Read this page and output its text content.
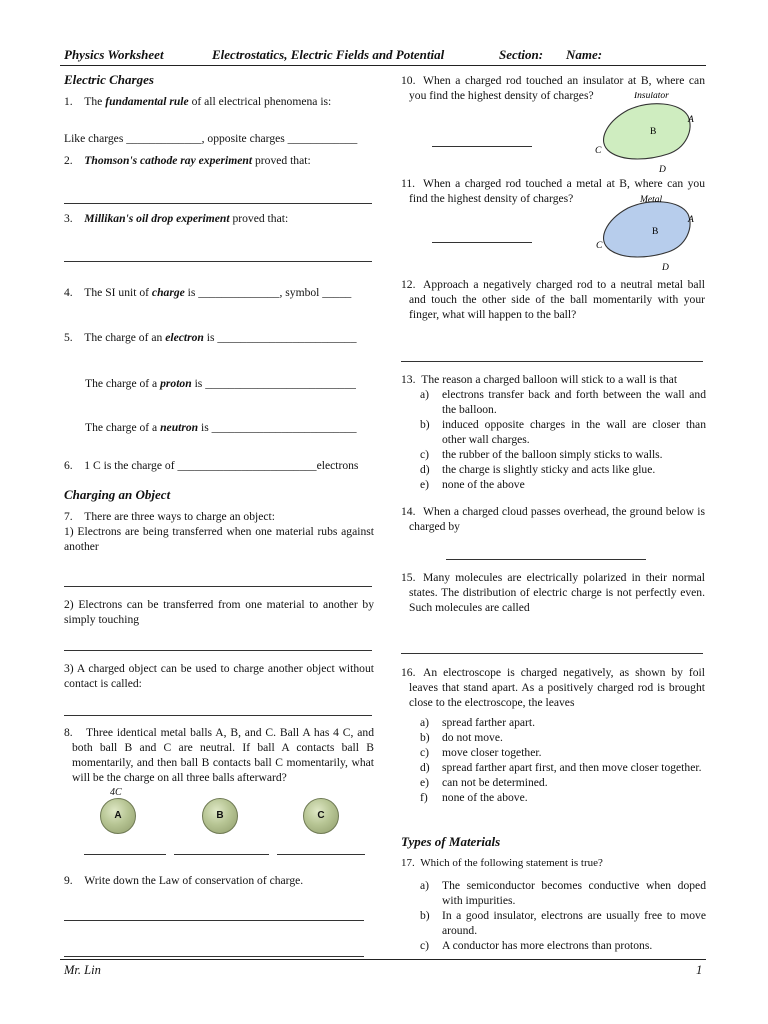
Physics Worksheet	Electrostatics, Electric Fields and Potential	Section: Name:
Electric Charges
1. The fundamental rule of all electrical phenomena is:
Like charges _____________, opposite charges ____________
2. Thomson's cathode ray experiment proved that:
3. Millikan's oil drop experiment proved that:
4. The SI unit of charge is ______________, symbol _____
5. The charge of an electron is ________________________
The charge of a proton is __________________________
The charge of a neutron is _________________________
6. 1 C is the charge of ________________________electrons
Charging an Object
7. There are three ways to charge an object:
1) Electrons are being transferred when one material rubs against another
2) Electrons can be transferred from one material to another by simply touching
3) A charged object can be used to charge another object without contact is called:
8.	Three identical metal balls A, B, and C. Ball A has 4 C, and both ball B and C are neutral. If ball A contacts ball B momentarily, and then ball B contacts ball C momentarily, what will be the charge on all three balls afterward?
4C
A	B	C
9. Write down the Law of conservation of charge.
10. When a charged rod touched an insulator at B, where can you find the highest density of charges?	Insulator
A
B
C
D
11. When a charged rod touched a metal at B, where can you find the highest density of charges?	Metal
A
B
C
D
12. Approach a negatively charged rod to a neutral metal ball and touch the other side of the ball momentarily with your finger, what will happen to the ball?
13. The reason a charged balloon will stick to a wall is that
a)	electrons transfer back and forth between the wall and the balloon.
b)	induced opposite charges in the wall are closer than other wall charges.
c)	the rubber of the balloon simply sticks to walls.
d)	the charge is slightly sticky and acts like glue.
e)	none of the above
14. When a charged cloud passes overhead, the ground below is charged by
15. Many molecules are electrically polarized in their normal states. The distribution of electric charge is not perfectly even. Such molecules are called
16. An electroscope is charged negatively, as shown by foil leaves that stand apart. As a positively charged rod is brought close to the electroscope, the leaves
a)	spread farther apart.
b)	do not move.
c)	move closer together.
d)	spread farther apart first, and then move closer together.
e)	can not be determined.
f)	none of the above.
Types of Materials
17. Which of the following statement is true?
a)	The semiconductor becomes conductive when doped with impurities.
b)	In a good insulator, electrons are usually free to move around.
c)	A conductor has more electrons than protons.
Mr. Lin	1
